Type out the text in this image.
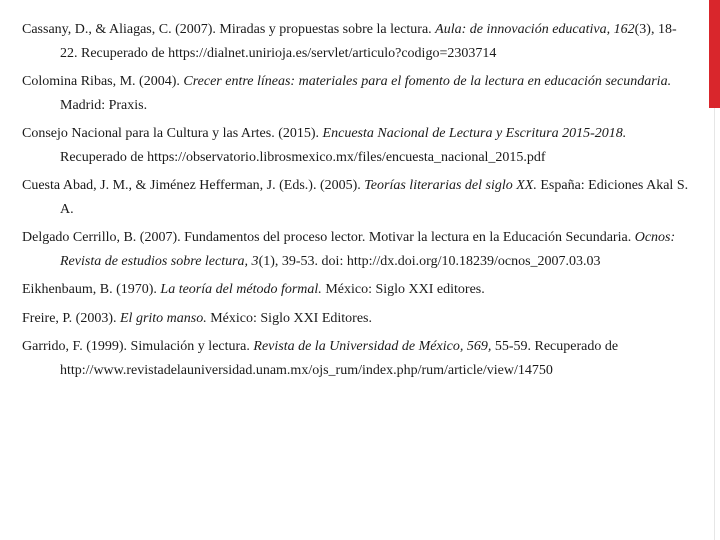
Cassany, D., & Aliagas, C. (2007). Miradas y propuestas sobre la lectura. Aula: de innovación educativa, 162(3), 18-22. Recuperado de https://dialnet.unirioja.es/servlet/articulo?codigo=2303714

Colomina Ribas, M. (2004). Crecer entre líneas: materiales para el fomento de la lectura en educación secundaria. Madrid: Praxis.

Consejo Nacional para la Cultura y las Artes. (2015). Encuesta Nacional de Lectura y Escritura 2015-2018. Recuperado de https://observatorio.librosmexico.mx/files/encuesta_nacional_2015.pdf

Cuesta Abad, J. M., & Jiménez Hefferman, J. (Eds.). (2005). Teorías literarias del siglo XX. España: Ediciones Akal S. A.

Delgado Cerrillo, B. (2007). Fundamentos del proceso lector. Motivar la lectura en la Educación Secundaria. Ocnos: Revista de estudios sobre lectura, 3(1), 39-53. doi: http://dx.doi.org/10.18239/ocnos_2007.03.03

Eikhenbaum, B. (1970). La teoría del método formal. México: Siglo XXI editores.

Freire, P. (2003). El grito manso. México: Siglo XXI Editores.

Garrido, F. (1999). Simulación y lectura. Revista de la Universidad de México, 569, 55-59. Recuperado de http://www.revistadelauniversidad.unam.mx/ojs_rum/index.php/rum/article/view/14750
